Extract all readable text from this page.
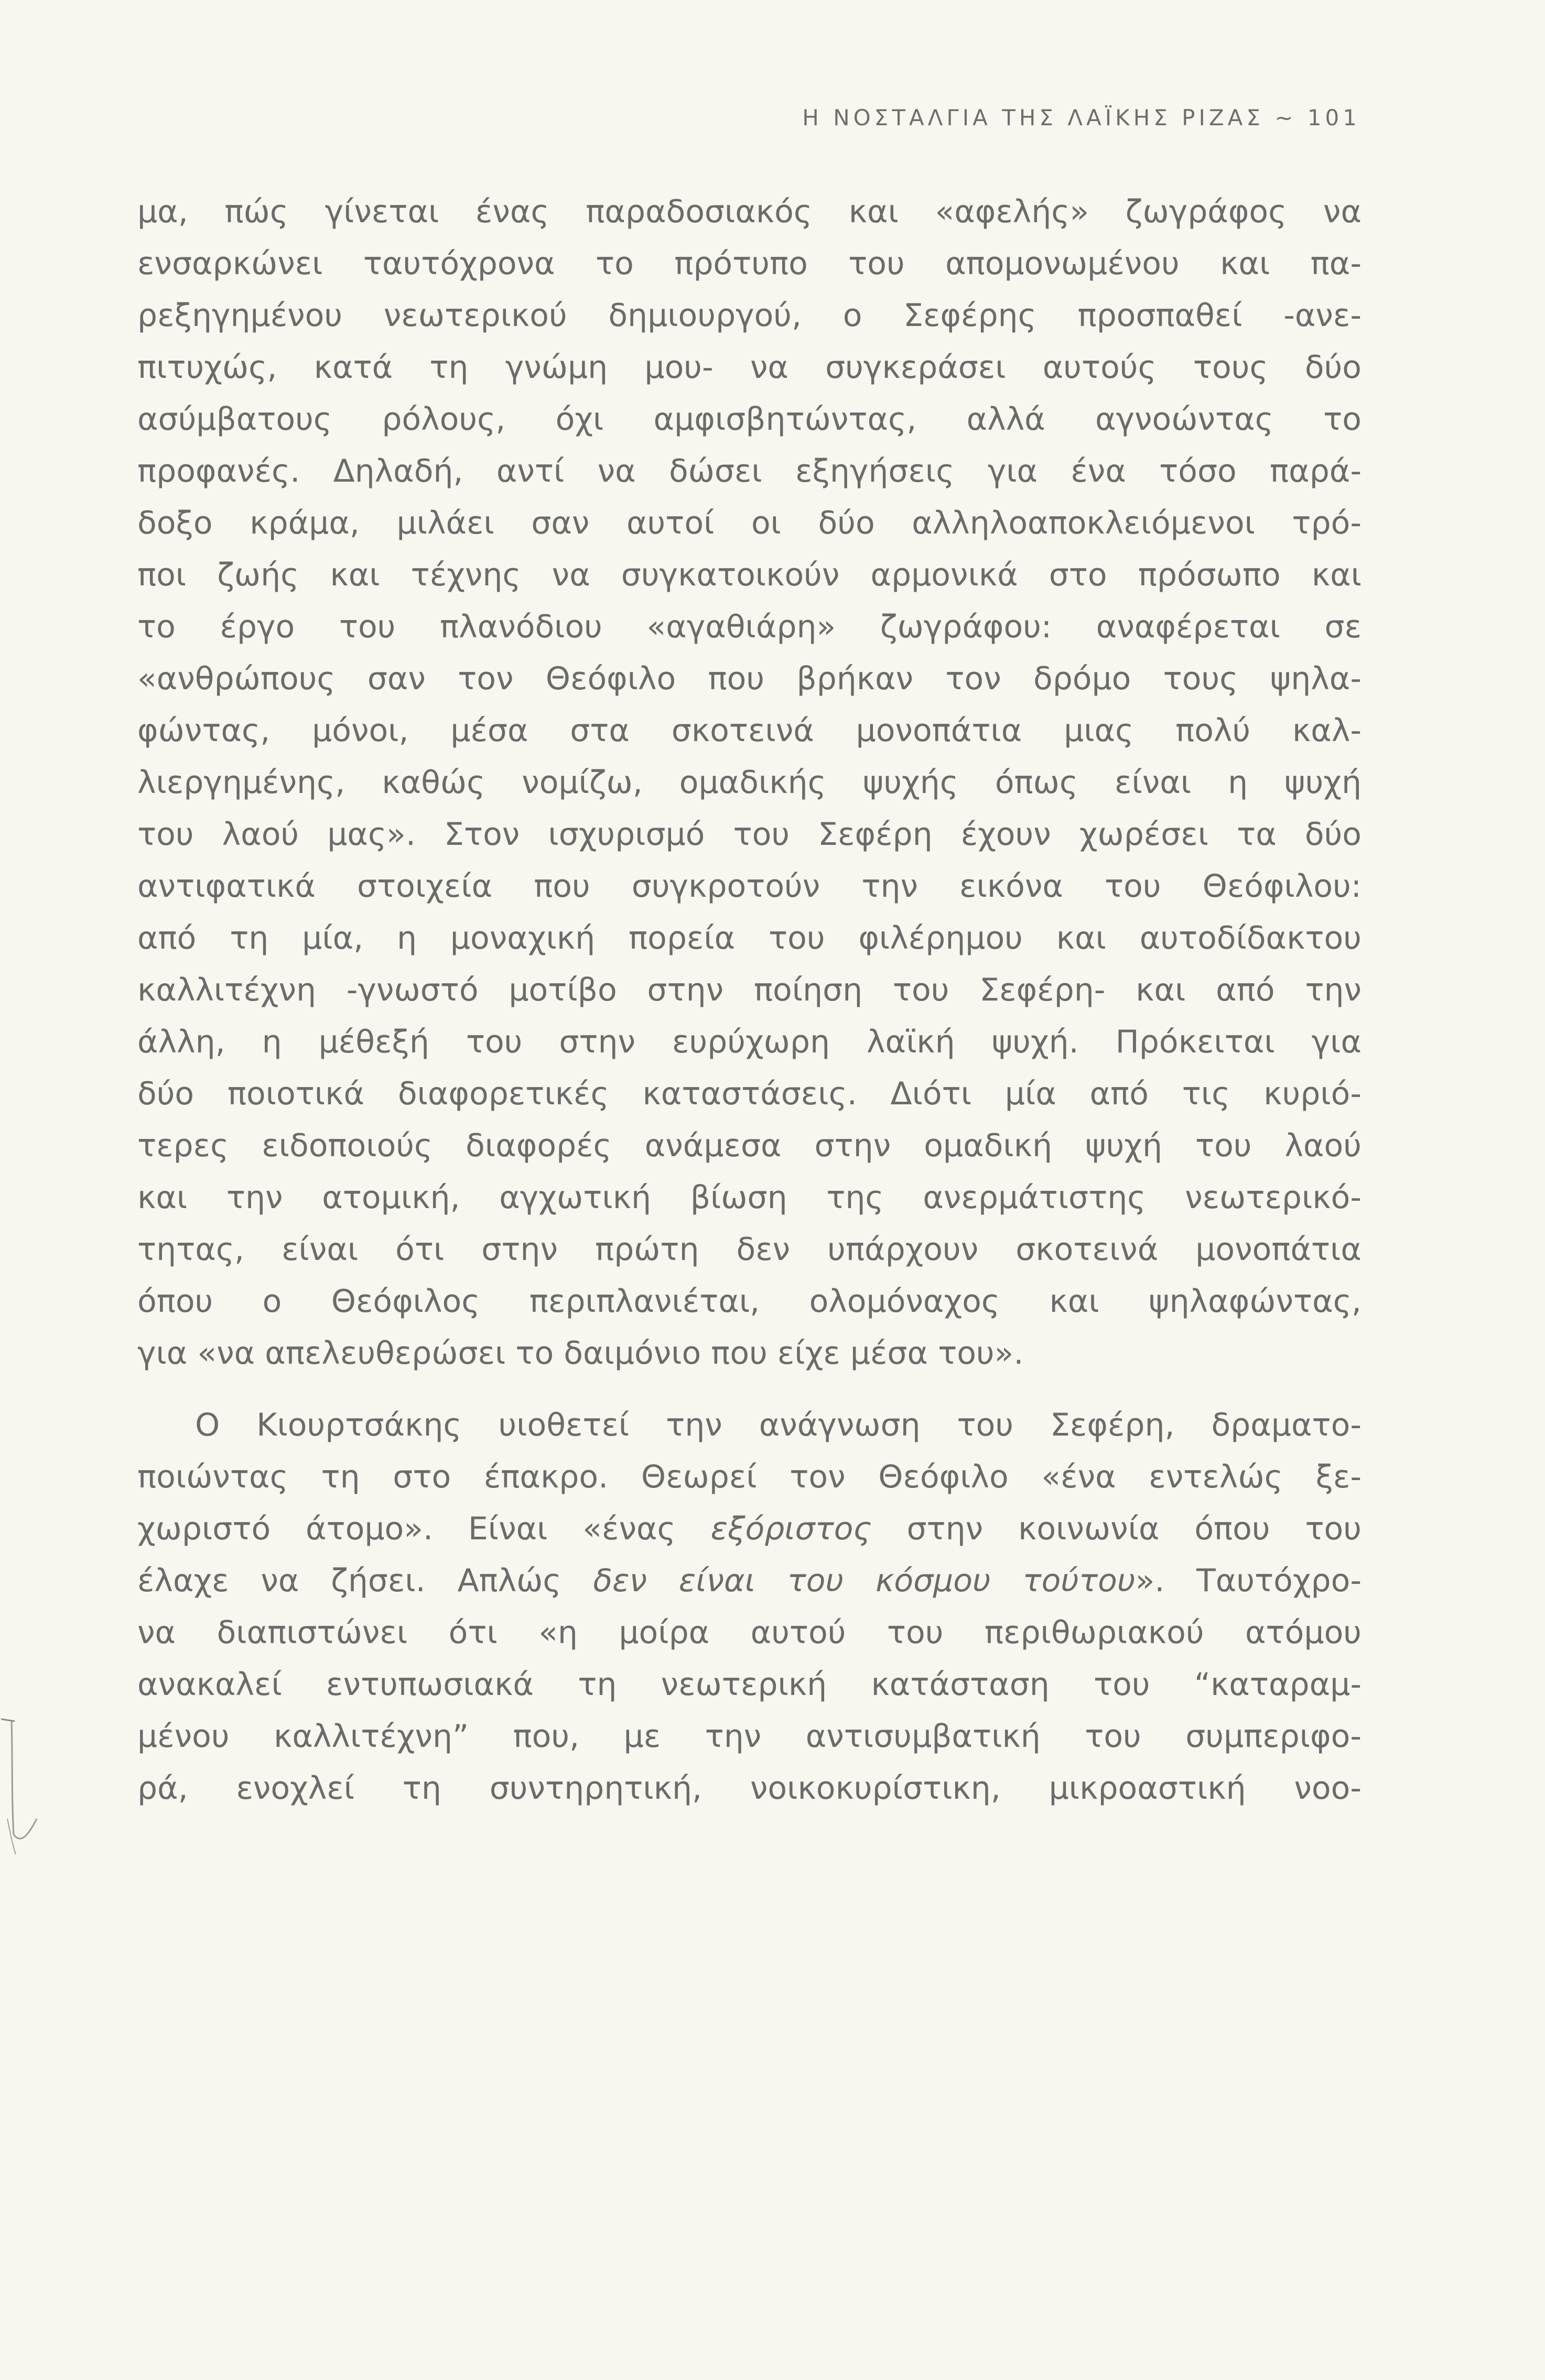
Η ΝΟΣΤΑΛΓΙΑ ΤΗΣ ΛΑΪΚΗΣ ΡΙΖΑΣ ~ 101
μα, πώς γίνεται ένας παραδοσιακός και «αφελής» ζωγράφος να
ενσαρκώνει ταυτόχρονα το πρότυπο του απομονωμένου και πα-
ρεξηγημένου νεωτερικού δημιουργού, ο Σεφέρης προσπαθεί -ανε-
πιτυχώς, κατά τη γνώμη μου- να συγκεράσει αυτούς τους δύο
ασύμβατους ρόλους, όχι αμφισβητώντας, αλλά αγνοώντας το
προφανές. Δηλαδή, αντί να δώσει εξηγήσεις για ένα τόσο παρά-
δοξο κράμα, μιλάει σαν αυτοί οι δύο αλληλοαποκλειόμενοι τρό-
ποι ζωής και τέχνης να συγκατοικούν αρμονικά στο πρόσωπο και
το έργο του πλανόδιου «αγαθιάρη» ζωγράφου: αναφέρεται σε
«ανθρώπους σαν τον Θεόφιλο που βρήκαν τον δρόμο τους ψηλα-
φώντας, μόνοι, μέσα στα σκοτεινά μονοπάτια μιας πολύ καλ-
λιεργημένης, καθώς νομίζω, ομαδικής ψυχής όπως είναι η ψυχή
του λαού μας». Στον ισχυρισμό του Σεφέρη έχουν χωρέσει τα δύο
αντιφατικά στοιχεία που συγκροτούν την εικόνα του Θεόφιλου:
από τη μία, η μοναχική πορεία του φιλέρημου και αυτοδίδακτου
καλλιτέχνη -γνωστό μοτίβο στην ποίηση του Σεφέρη- και από την
άλλη, η μέθεξή του στην ευρύχωρη λαϊκή ψυχή. Πρόκειται για
δύο ποιοτικά διαφορετικές καταστάσεις. Διότι μία από τις κυριό-
τερες ειδοποιούς διαφορές ανάμεσα στην ομαδική ψυχή του λαού
και την ατομική, αγχωτική βίωση της ανερμάτιστης νεωτερικό-
τητας, είναι ότι στην πρώτη δεν υπάρχουν σκοτεινά μονοπάτια
όπου ο Θεόφιλος περιπλανιέται, ολομόναχος και ψηλαφώντας,
για «να απελευθερώσει το δαιμόνιο που είχε μέσα του».
Ο Κιουρτσάκης υιοθετεί την ανάγνωση του Σεφέρη, δραματο-
ποιώντας τη στο έπακρο. Θεωρεί τον Θεόφιλο «ένα εντελώς ξε-
χωριστό άτομο». Είναι «ένας εξόριστος στην κοινωνία όπου του
έλαχε να ζήσει. Απλώς δεν είναι του κόσμου τούτου». Ταυτόχρο-
να διαπιστώνει ότι «η μοίρα αυτού του περιθωριακού ατόμου
ανακαλεί εντυπωσιακά τη νεωτερική κατάσταση του “καταραμ-
μένου καλλιτέχνη” που, με την αντισυμβατική του συμπεριφο-
ρά, ενοχλεί τη συντηρητική, νοικοκυρίστικη, μικροαστική νοο-
